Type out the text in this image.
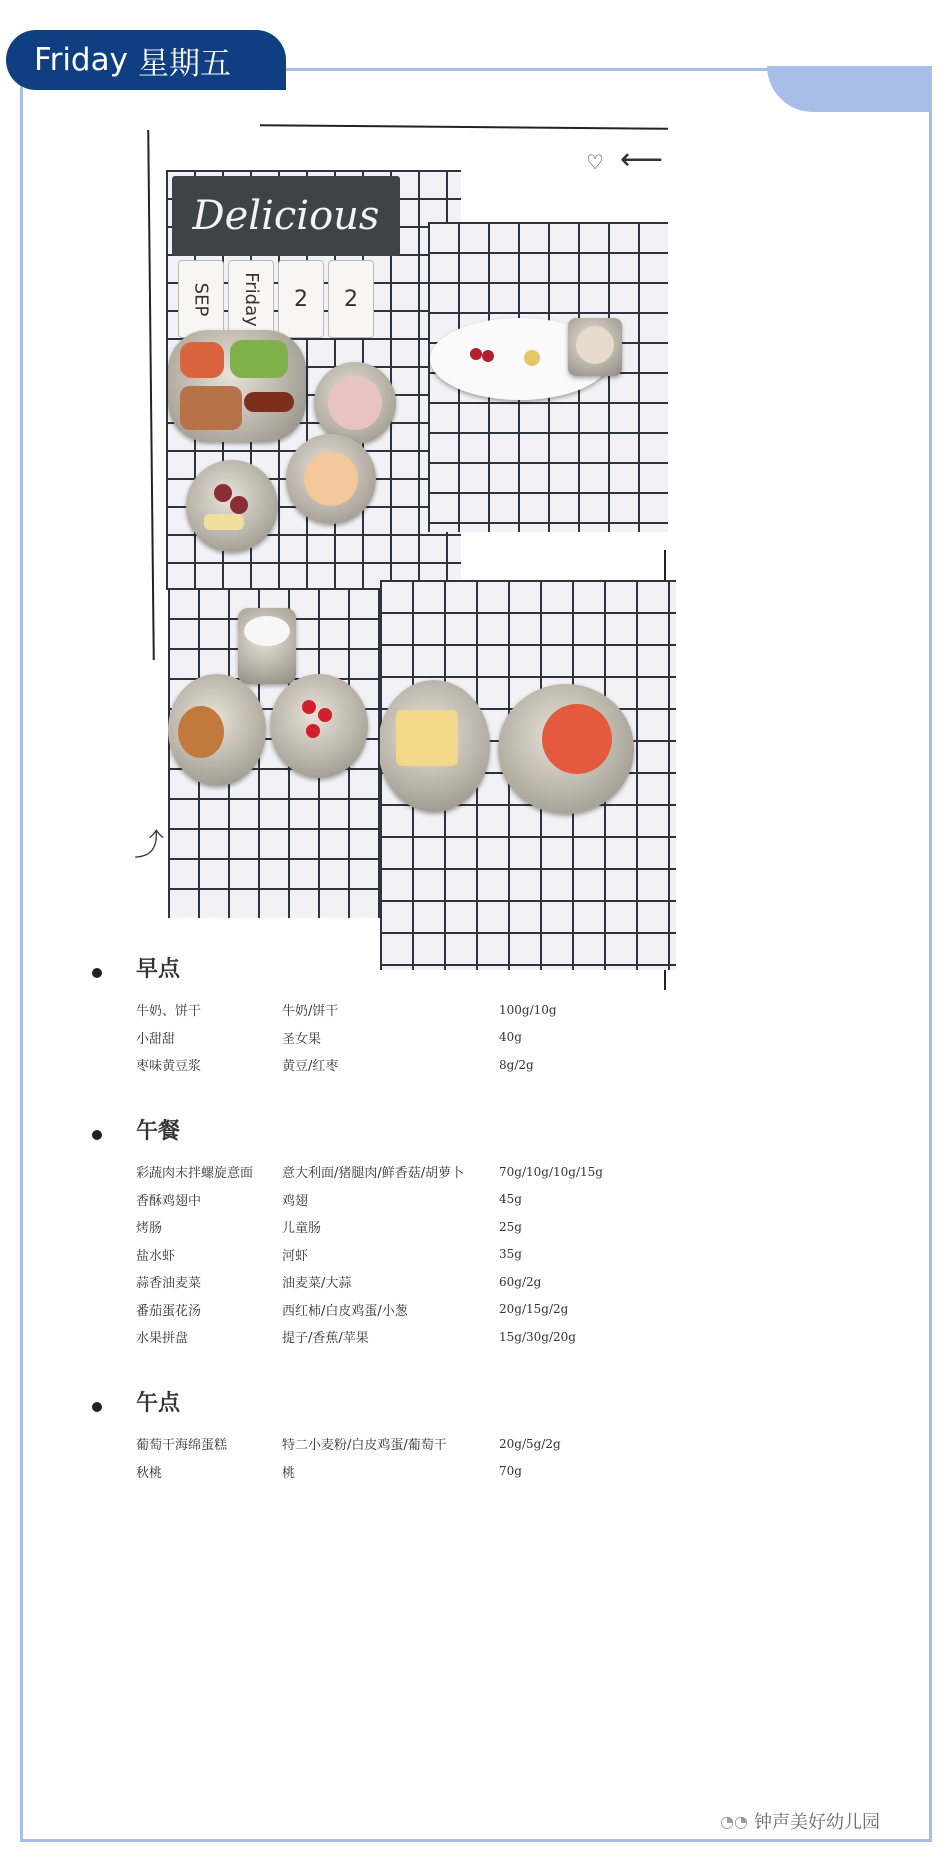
Friday 星期五
♡ ⟵
⤴
Delicious
SEP Friday	2	2
早点
牛奶、饼干	牛奶/饼干	100g/10g
小甜甜	圣女果	40g
枣味黄豆浆	黄豆/红枣	8g/2g
午餐
彩蔬肉末拌螺旋意面	意大利面/猪腿肉/鲜香菇/胡萝卜	70g/10g/10g/15g
香酥鸡翅中	鸡翅	45g
烤肠	儿童肠	25g
盐水虾	河虾	35g
蒜香油麦菜	油麦菜/大蒜	60g/2g
番茄蛋花汤	西红柿/白皮鸡蛋/小葱	20g/15g/2g
水果拼盘	提子/香蕉/苹果	15g/30g/20g
午点
葡萄干海绵蛋糕	特二小麦粉/白皮鸡蛋/葡萄干	20g/5g/2g
秋桃	桃	70g
◔◔ 钟声美好幼儿园
